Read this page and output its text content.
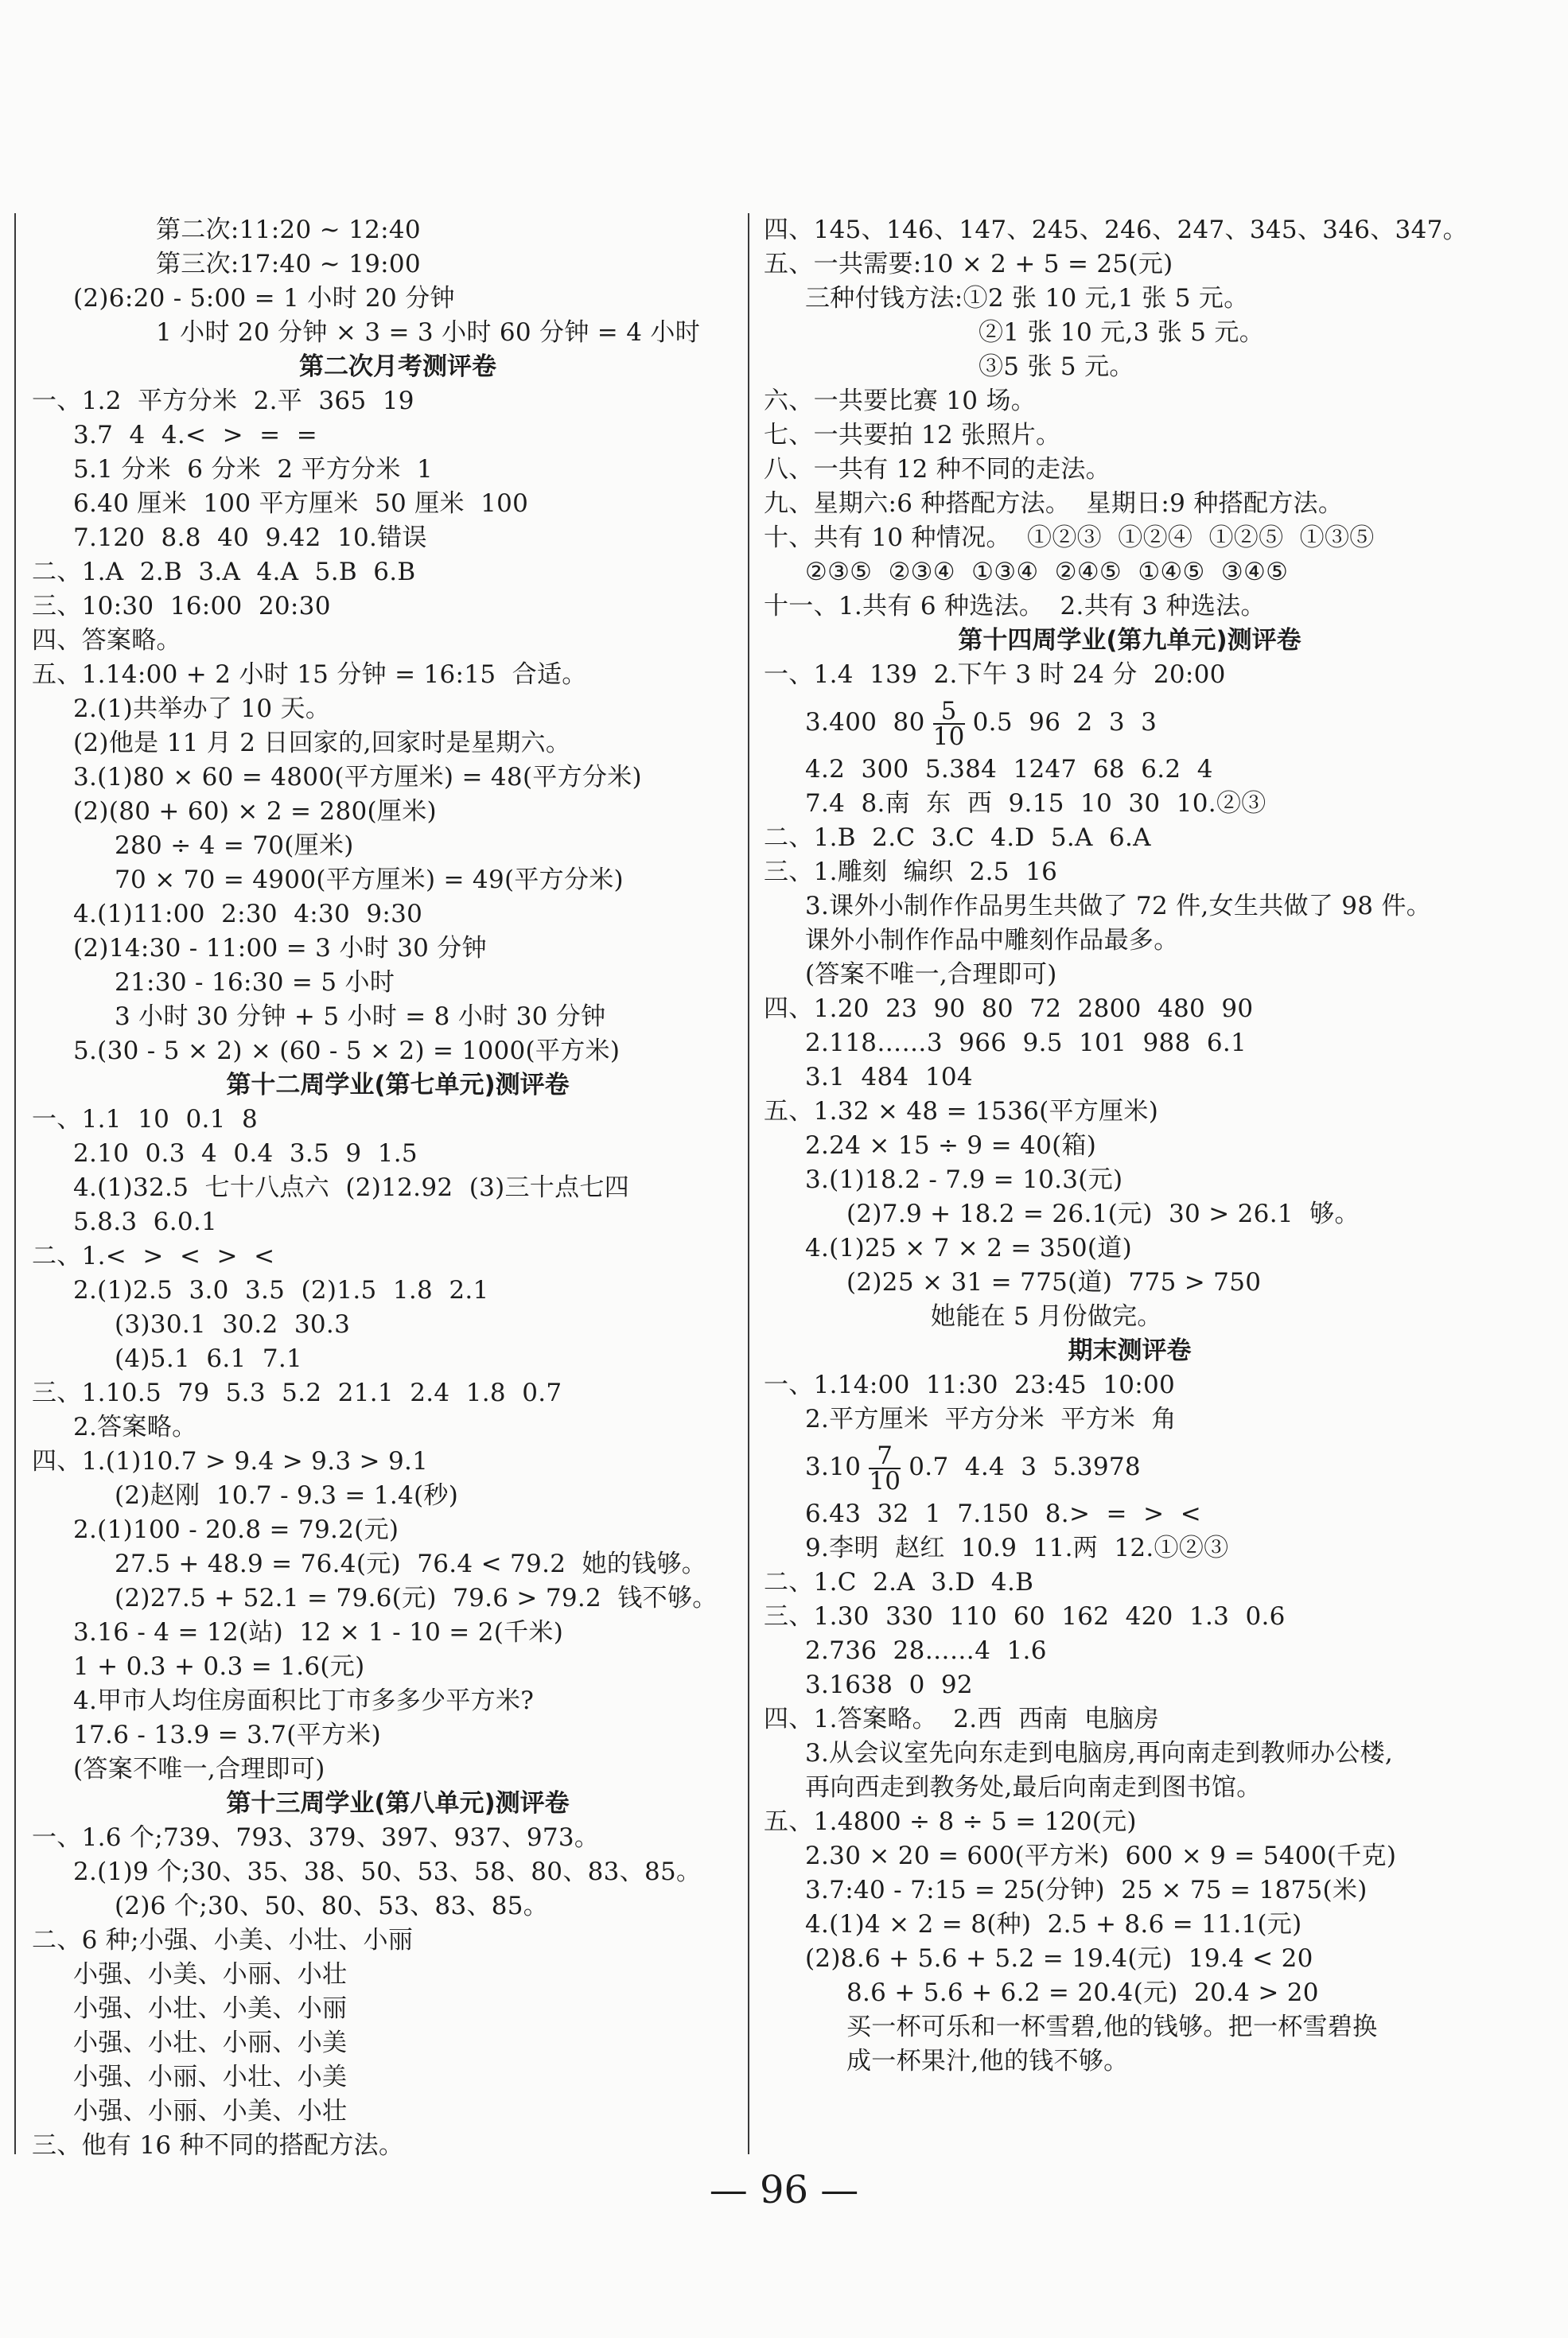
第二次:11:20 ~ 12:40
第三次:17:40 ~ 19:00
(2)6:20 - 5:00 = 1 小时 20 分钟
1 小时 20 分钟 × 3 = 3 小时 60 分钟 = 4 小时
第二次月考测评卷
一、1.2  平方分米  2.平  365  19
3.7  4  4.<  >  =  =
5.1 分米  6 分米  2 平方分米  1
6.40 厘米  100 平方厘米  50 厘米  100
7.120  8.8  40  9.42  10.错误
二、1.A  2.B  3.A  4.A  5.B  6.B
三、10:30  16:00  20:30
四、答案略。
五、1.14:00 + 2 小时 15 分钟 = 16:15  合适。
2.(1)共举办了 10 天。
(2)他是 11 月 2 日回家的,回家时是星期六。
3.(1)80 × 60 = 4800(平方厘米) = 48(平方分米)
(2)(80 + 60) × 2 = 280(厘米)
280 ÷ 4 = 70(厘米)
70 × 70 = 4900(平方厘米) = 49(平方分米)
4.(1)11:00  2:30  4:30  9:30
(2)14:30 - 11:00 = 3 小时 30 分钟
21:30 - 16:30 = 5 小时
3 小时 30 分钟 + 5 小时 = 8 小时 30 分钟
5.(30 - 5 × 2) × (60 - 5 × 2) = 1000(平方米)
第十二周学业(第七单元)测评卷
一、1.1  10  0.1  8
2.10  0.3  4  0.4  3.5  9  1.5
4.(1)32.5  七十八点六  (2)12.92  (3)三十点七四
5.8.3  6.0.1
二、1.<  >  <  >  <
2.(1)2.5  3.0  3.5  (2)1.5  1.8  2.1
(3)30.1  30.2  30.3
(4)5.1  6.1  7.1
三、1.10.5  79  5.3  5.2  21.1  2.4  1.8  0.7
2.答案略。
四、1.(1)10.7 > 9.4 > 9.3 > 9.1
(2)赵刚  10.7 - 9.3 = 1.4(秒)
2.(1)100 - 20.8 = 79.2(元)
27.5 + 48.9 = 76.4(元)  76.4 < 79.2  她的钱够。
(2)27.5 + 52.1 = 79.6(元)  79.6 > 79.2  钱不够。
3.16 - 4 = 12(站)  12 × 1 - 10 = 2(千米)
1 + 0.3 + 0.3 = 1.6(元)
4.甲市人均住房面积比丁市多多少平方米?
17.6 - 13.9 = 3.7(平方米)
(答案不唯一,合理即可)
第十三周学业(第八单元)测评卷
一、1.6 个;739、793、379、397、937、973。
2.(1)9 个;30、35、38、50、53、58、80、83、85。
(2)6 个;30、50、80、53、83、85。
二、6 种;小强、小美、小壮、小丽
小强、小美、小丽、小壮
小强、小壮、小美、小丽
小强、小壮、小丽、小美
小强、小丽、小壮、小美
小强、小丽、小美、小壮
三、他有 16 种不同的搭配方法。
四、145、146、147、245、246、247、345、346、347。
五、一共需要:10 × 2 + 5 = 25(元)
三种付钱方法:①2 张 10 元,1 张 5 元。
②1 张 10 元,3 张 5 元。
③5 张 5 元。
六、一共要比赛 10 场。
七、一共要拍 12 张照片。
八、一共有 12 种不同的走法。
九、星期六:6 种搭配方法。  星期日:9 种搭配方法。
十、共有 10 种情况。  ①②③  ①②④  ①②⑤  ①③⑤
②③⑤  ②③④  ①③④  ②④⑤  ①④⑤  ③④⑤
十一、1.共有 6 种选法。  2.共有 3 种选法。
第十四周学业(第九单元)测评卷
一、1.4  139  2.下午 3 时 24 分  20:00
3.400  $80 \frac{5}{10} 0.5$  96  2  3  3
4.2  300  5.384  1247  68  6.2  4
7.4  8.南  东  西  9.15  10  30  10.②③
二、1.B  2.C  3.C  4.D  5.A  6.A
三、1.雕刻  编织  2.5  16
3.课外小制作作品男生共做了 72 件,女生共做了 98 件。
课外小制作作品中雕刻作品最多。
(答案不唯一,合理即可)
四、1.20  23  90  80  72  2800  480  90
2.118……3  966  9.5  101  988  6.1
3.1  484  104
五、1.32 × 48 = 1536(平方厘米)
2.24 × 15 ÷ 9 = 40(箱)
3.(1)18.2 - 7.9 = 10.3(元)
(2)7.9 + 18.2 = 26.1(元)  30 > 26.1  够。
4.(1)25 × 7 × 2 = 350(道)
(2)25 × 31 = 775(道)  775 > 750
她能在 5 月份做完。
期末测评卷
一、1.14:00  11:30  23:45  10:00
2.平方厘米  平方分米  平方米  角
$3.10 \frac{7}{10} 0.7$  4.4  3  5.3978
6.43  32  1  7.150  8.>  =  >  <
9.李明  赵红  10.9  11.两  12.①②③
二、1.C  2.A  3.D  4.B
三、1.30  330  110  60  162  420  1.3  0.6
2.736  28……4  1.6
3.1638  0  92
四、1.答案略。  2.西  西南  电脑房
3.从会议室先向东走到电脑房,再向南走到教师办公楼,
再向西走到教务处,最后向南走到图书馆。
五、1.4800 ÷ 8 ÷ 5 = 120(元)
2.30 × 20 = 600(平方米)  600 × 9 = 5400(千克)
3.7:40 - 7:15 = 25(分钟)  25 × 75 = 1875(米)
4.(1)4 × 2 = 8(种)  2.5 + 8.6 = 11.1(元)
(2)8.6 + 5.6 + 5.2 = 19.4(元)  19.4 < 20
8.6 + 5.6 + 6.2 = 20.4(元)  20.4 > 20
买一杯可乐和一杯雪碧,他的钱够。把一杯雪碧换
成一杯果汁,他的钱不够。
— 96 —
